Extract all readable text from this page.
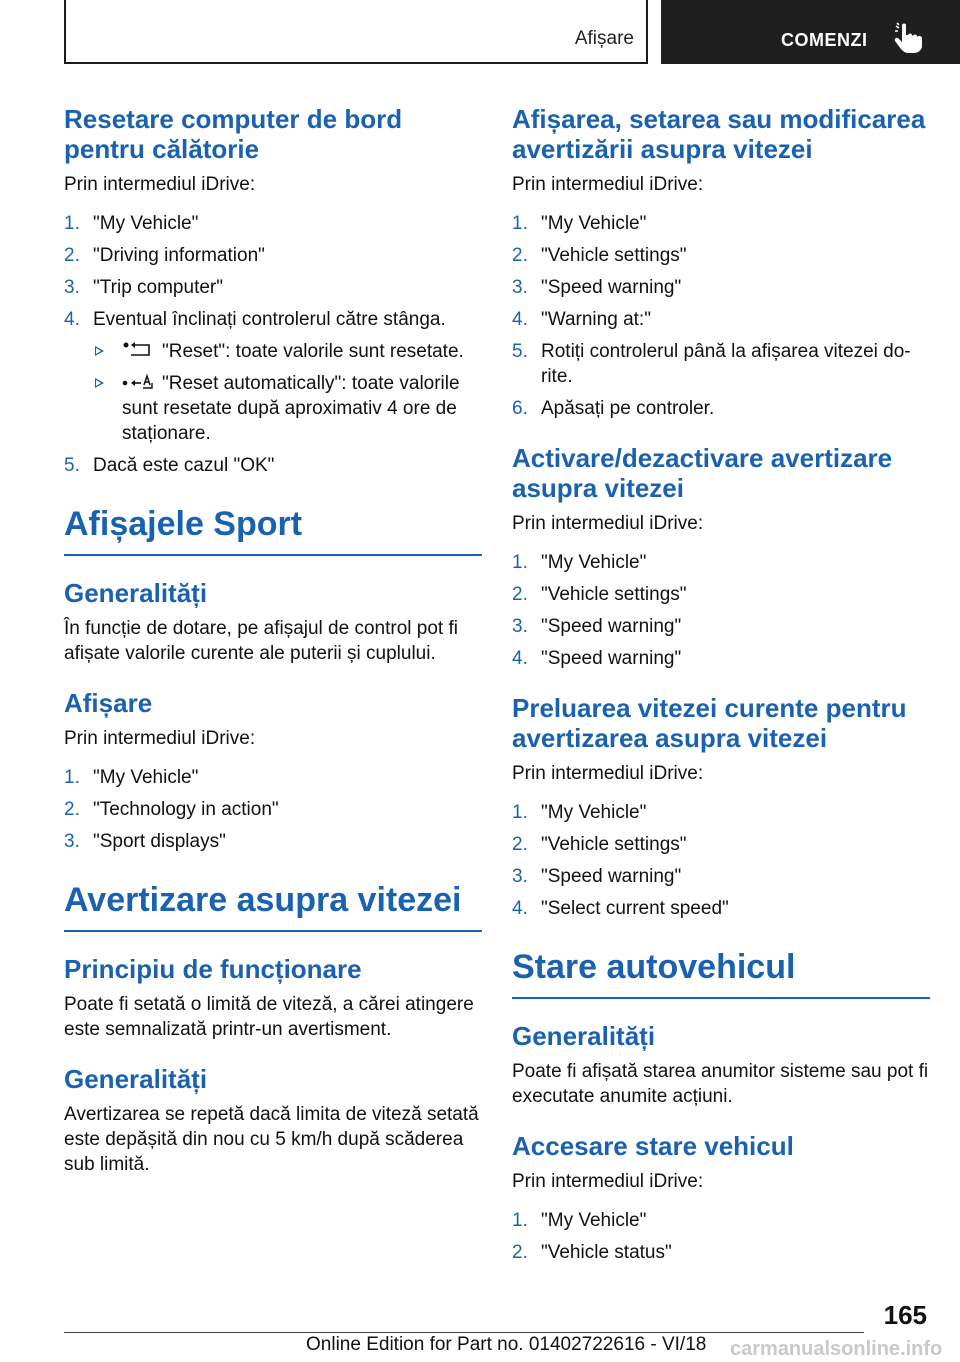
Afișare	COMENZI
Resetare computer de bord pentru călătorie

Prin intermediul iDrive:

1. "My Vehicle"
2. "Driving information"
3. "Trip computer"
4. Eventual înclinați controlerul către stânga.
"Reset": toate valorile sunt resetate.
"Reset automatically": toate valorile sunt resetate după aproximativ 4 ore de staționare.
5. Dacă este cazul "OK"
Afișajele Sport
Generalități

În funcție de dotare, pe afișajul de control pot fi afișate valorile curente ale puterii și cuplului.

Afișare

Prin intermediul iDrive:

1. "My Vehicle"
2. "Technology in action"
3. "Sport displays"
Avertizare asupra vitezei
Principiu de funcționare

Poate fi setată o limită de viteză, a cărei atingere este semnalizată printr-un avertisment.

Generalități

Avertizarea se repetă dacă limita de viteză setată este depășită din nou cu 5 km/h după scăderea sub limită.

Afișarea, setarea sau modificarea avertizării asupra vitezei

Prin intermediul iDrive:

1. "My Vehicle"
2. "Vehicle settings"
3. "Speed warning"
4. "Warning at:"
5. Rotiți controlerul până la afișarea vitezei do-rite.
6. Apăsați pe controler.
Activare/dezactivare avertizare asupra vitezei

Prin intermediul iDrive:

1. "My Vehicle"
2. "Vehicle settings"
3. "Speed warning"
4. "Speed warning"
Preluarea vitezei curente pentru avertizarea asupra vitezei

Prin intermediul iDrive:

1. "My Vehicle"
2. "Vehicle settings"
3. "Speed warning"
4. "Select current speed"
Stare autovehicul
Generalități

Poate fi afișată starea anumitor sisteme sau pot fi executate anumite acțiuni.

Accesare stare vehicul

Prin intermediul iDrive:

1. "My Vehicle"
2. "Vehicle status"
165
Online Edition for Part no. 01402722616 - VI/18 carmanualsonline.info
